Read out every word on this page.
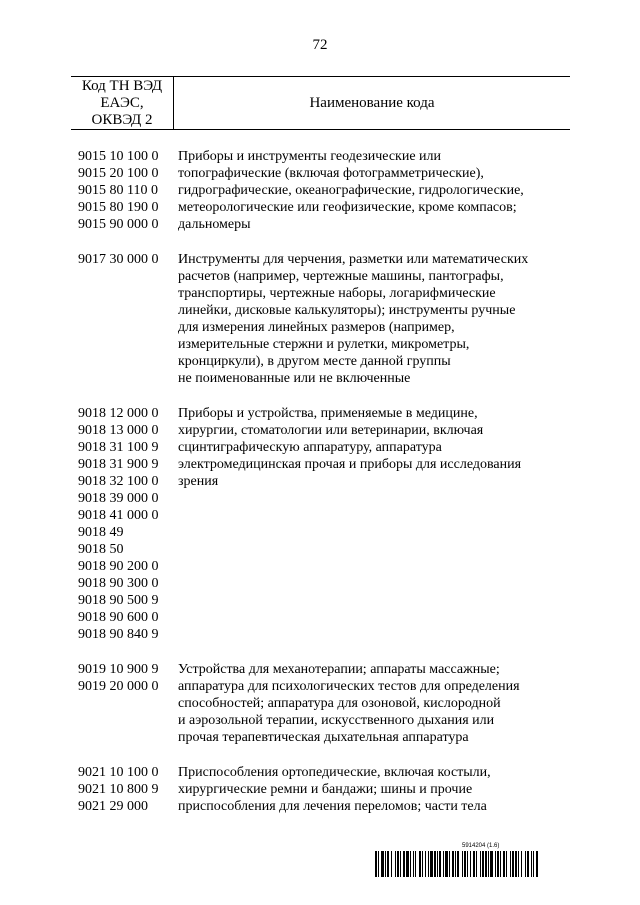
72
Код ТН ВЭД
ЕАЭС,
ОКВЭД 2
Наименование кода
9015 10 100 0
9015 20 100 0
9015 80 110 0
9015 80 190 0
9015 90 000 0
Приборы и инструменты геодезические или
топографические (включая фотограмметрические),
гидрографические, океанографические, гидрологические,
метеорологические или геофизические, кроме компасов;
дальномеры
9017 30 000 0	Инструменты для черчения, разметки или математических
расчетов (например, чертежные машины, пантографы,
транспортиры, чертежные наборы, логарифмические
линейки, дисковые калькуляторы); инструменты ручные
для измерения линейных размеров (например,
измерительные стержни и рулетки, микрометры,
кронциркули), в другом месте данной группы
не поименованные или не включенные
9018 12 000 0
9018 13 000 0
9018 31 100 9
9018 31 900 9
9018 32 100 0
9018 39 000 0
9018 41 000 0
9018 49
9018 50
9018 90 200 0
9018 90 300 0
9018 90 500 9
9018 90 600 0
9018 90 840 9
Приборы и устройства, применяемые в медицине,
хирургии, стоматологии или ветеринарии, включая
сцинтиграфическую аппаратуру, аппаратура
электромедицинская прочая и приборы для исследования
зрения
9019 10 900 9
9019 20 000 0
Устройства для механотерапии; аппараты массажные;
аппаратура для психологических тестов для определения
способностей; аппаратура для озоновой, кислородной
и аэрозольной терапии, искусственного дыхания или
прочая терапевтическая дыхательная аппаратура
9021 10 100 0
9021 10 800 9
9021 29 000
Приспособления ортопедические, включая костыли,
хирургические ремни и бандажи; шины и прочие
приспособления для лечения переломов; части тела
5914204 (1.6)
